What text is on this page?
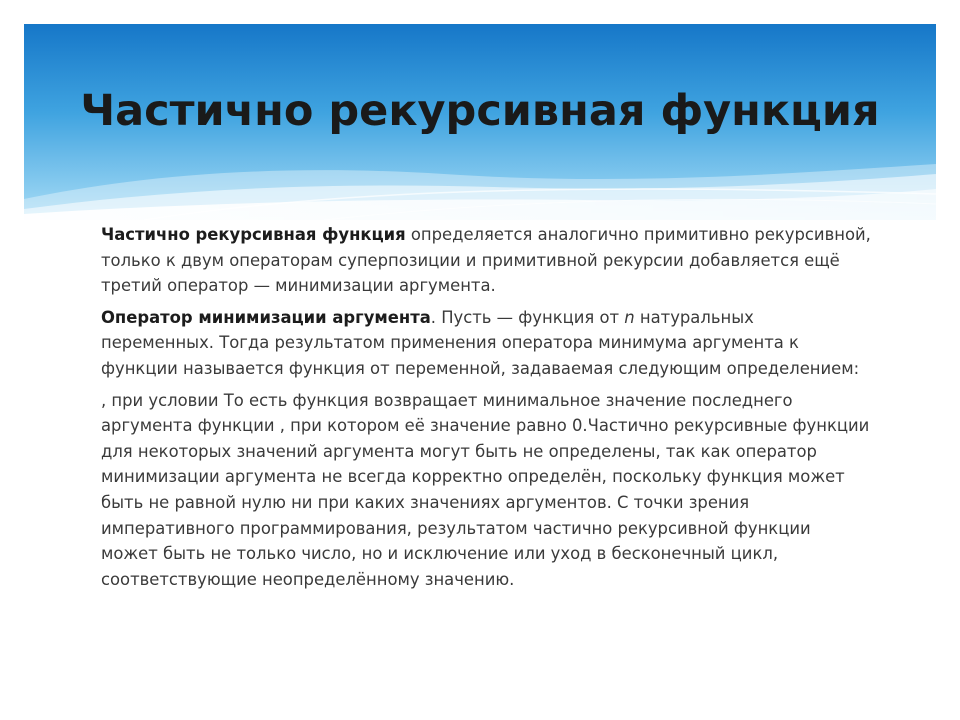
Частично рекурсивная функция

Частично рекурсивная функция определяется аналогично примитивно рекурсивной, только к двум операторам суперпозиции и примитивной рекурсии добавляется ещё третий оператор — минимизации аргумента.

Оператор минимизации аргумента. Пусть — функция от n натуральных переменных. Тогда результатом применения оператора минимума аргумента к функции называется функция от переменной, задаваемая следующим определением:

, при условии То есть функция возвращает минимальное значение последнего аргумента функции , при котором её значение равно 0.Частично рекурсивные функции для некоторых значений аргумента могут быть не определены, так как оператор минимизации аргумента не всегда корректно определён, поскольку функция может быть не равной нулю ни при каких значениях аргументов. С точки зрения императивного программирования, результатом частично рекурсивной функции может быть не только число, но и исключение или уход в бесконечный цикл, соответствующие неопределённому значению.
